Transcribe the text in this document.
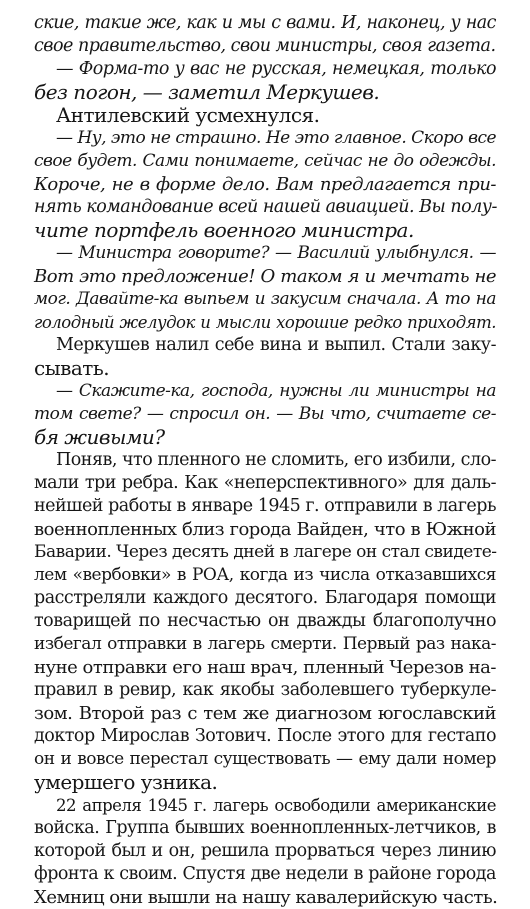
ские, такие же, как и мы с вами. И, наконец, у нас
свое правительство, свои министры, своя газета.
— Форма-то у вас не русская, немецкая, только
без погон, — заметил Меркушев.
Антилевский усмехнулся.
— Ну, это не страшно. Не это главное. Скоро все
свое будет. Сами понимаете, сейчас не до одежды.
Короче, не в форме дело. Вам предлагается при-
нять командование всей нашей авиацией. Вы полу-
чите портфель военного министра.
— Министра говорите? — Василий улыбнулся. —
Вот это предложение! О таком я и мечтать не
мог. Давайте-ка выпьем и закусим сначала. А то на
голодный желудок и мысли хорошие редко приходят.
Меркушев налил себе вина и выпил. Стали заку-
сывать.
— Скажите-ка, господа, нужны ли министры на
том свете? — спросил он. — Вы что, считаете се-
бя живыми?
Поняв, что пленного не сломить, его избили, сло-
мали три ребра. Как «неперспективного» для даль-
нейшей работы в январе 1945 г. отправили в лагерь
военнопленных близ города Вайден, что в Южной
Баварии. Через десять дней в лагере он стал свидете-
лем «вербовки» в РОА, когда из числа отказавшихся
расстреляли каждого десятого. Благодаря помощи
товарищей по несчастью он дважды благополучно
избегал отправки в лагерь смерти. Первый раз нака-
нуне отправки его наш врач, пленный Черезов на-
правил в ревир, как якобы заболевшего туберкуле-
зом. Второй раз с тем же диагнозом югославский
доктор Мирослав Зотович. После этого для гестапо
он и вовсе перестал существовать — ему дали номер
умершего узника.
22 апреля 1945 г. лагерь освободили американские
войска. Группа бывших военнопленных-летчиков, в
которой был и он, решила прорваться через линию
фронта к своим. Спустя две недели в районе города
Хемниц они вышли на нашу кавалерийскую часть.
